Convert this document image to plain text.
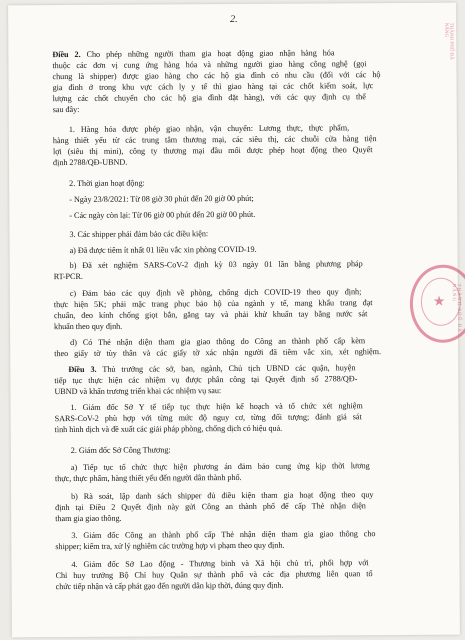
2.
THÀNH PHỐ ĐÀ NẴNG
★	THÀNH PHỐ ĐÀ NẴNG
Điều 2. Cho phép những người tham gia hoạt động giao nhận hàng hóa
thuộc các đơn vị cung ứng hàng hóa và những người giao hàng công nghệ (gọi
chung là shipper) được giao hàng cho các hộ gia đình có nhu cầu (đối với các hộ
gia đình ở trong khu vực cách ly y tế thì giao hàng tại các chốt kiểm soát, lực
lượng các chốt chuyển cho các hộ gia đình đặt hàng), với các quy định cụ thể
sau đây:
1. Hàng hóa được phép giao nhận, vận chuyển: Lương thực, thực phẩm,
hàng thiết yếu từ các trung tâm thương mại, các siêu thị, các chuỗi cửa hàng tiện
lợi (siêu thị mini), công ty thương mại đầu mối được phép hoạt động theo Quyết
định 2788/QĐ-UBND.
2. Thời gian hoạt động:
- Ngày 23/8/2021: Từ 08 giờ 30 phút đến 20 giờ 00 phút;
- Các ngày còn lại: Từ 06 giờ 00 phút đến 20 giờ 00 phút.
3. Các shipper phải đảm bảo các điều kiện:
a) Đã được tiêm ít nhất 01 liều vắc xin phòng COVID-19.
b) Đã xét nghiệm SARS-CoV-2 định kỳ 03 ngày 01 lần bằng phương pháp
RT-PCR.
c) Đảm bảo các quy định về phòng, chống dịch COVID-19 theo quy định;
thực hiện 5K; phải mặc trang phục bảo hộ của ngành y tế, mang khẩu trang đạt
chuẩn, đeo kính chống giọt bắn, găng tay và phải khử khuẩn tay bằng nước sát
khuẩn theo quy định.
d) Có Thẻ nhận diện tham gia giao thông do Công an thành phố cấp kèm
theo giấy tờ tùy thân và các giấy tờ xác nhận người đã tiêm vắc xin, xét nghiệm.
Điều 3. Thủ trưởng các sở, ban, ngành, Chủ tịch UBND các quận, huyện
tiếp tục thực hiện các nhiệm vụ được phân công tại Quyết định số 2788/QĐ-
UBND và khẩn trương triển khai các nhiệm vụ sau:
1. Giám đốc Sở Y tế tiếp tục thực hiện kế hoạch và tổ chức xét nghiệm
SARS-CoV-2 phù hợp với từng mức độ nguy cơ, từng đối tượng; đánh giá sát
tình hình dịch và đề xuất các giải pháp phòng, chống dịch có hiệu quả.
2. Giám đốc Sở Công Thương:
a) Tiếp tục tổ chức thực hiện phương án đảm bảo cung ứng kịp thời lương
thực, thực phẩm, hàng thiết yếu đến người dân thành phố.
b) Rà soát, lập danh sách shipper đủ điều kiện tham gia hoạt động theo quy
định tại Điều 2 Quyết định này gửi Công an thành phố để cấp Thẻ nhận diện
tham gia giao thông.
3. Giám đốc Công an thành phố cấp Thẻ nhận diện tham gia giao thông cho
shipper; kiểm tra, xử lý nghiêm các trường hợp vi phạm theo quy định.
4. Giám đốc Sở Lao động - Thương binh và Xã hội chủ trì, phối hợp với
Chỉ huy trưởng Bộ Chỉ huy Quân sự thành phố và các địa phương liên quan tổ
chức tiếp nhận và cấp phát gạo đến người dân kịp thời, đúng quy định.
